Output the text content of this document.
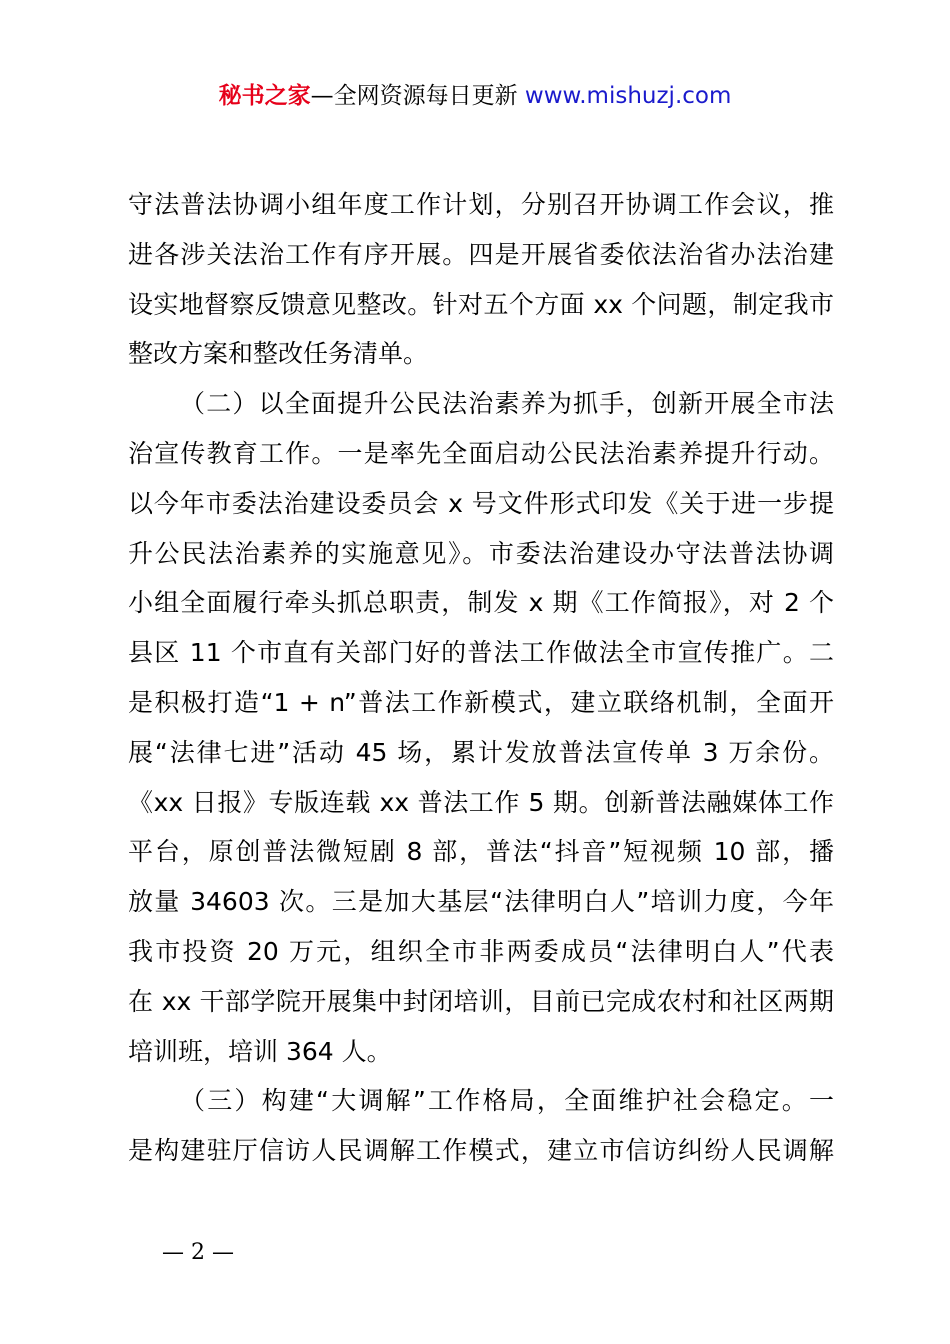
秘书之家—全网资源每日更新 www.mishuzj.com
守法普法协调小组年度工作计划，分别召开协调工作会议，推
进各涉关法治工作有序开展。四是开展省委依法治省办法治建
设实地督察反馈意见整改。针对五个方面 xx 个问题，制定我市
整改方案和整改任务清单。
（二）以全面提升公民法治素养为抓手，创新开展全市法
治宣传教育工作。一是率先全面启动公民法治素养提升行动。
以今年市委法治建设委员会 x 号文件形式印发《关于进一步提
升公民法治素养的实施意见》。市委法治建设办守法普法协调
小组全面履行牵头抓总职责，制发 x 期《工作简报》，对 2 个
县区 11 个市直有关部门好的普法工作做法全市宣传推广。二
是积极打造“1 + n”普法工作新模式，建立联络机制，全面开
展“法律七进”活动 45 场，累计发放普法宣传单 3 万余份。
《xx 日报》专版连载 xx 普法工作 5 期。创新普法融媒体工作
平台，原创普法微短剧 8 部，普法“抖音”短视频 10 部，播
放量 34603 次。三是加大基层“法律明白人”培训力度，今年
我市投资 20 万元，组织全市非两委成员“法律明白人”代表
在 xx 干部学院开展集中封闭培训，目前已完成农村和社区两期
培训班，培训 364 人。
（三）构建“大调解”工作格局，全面维护社会稳定。一
是构建驻厅信访人民调解工作模式，建立市信访纠纷人民调解
— 2 —
